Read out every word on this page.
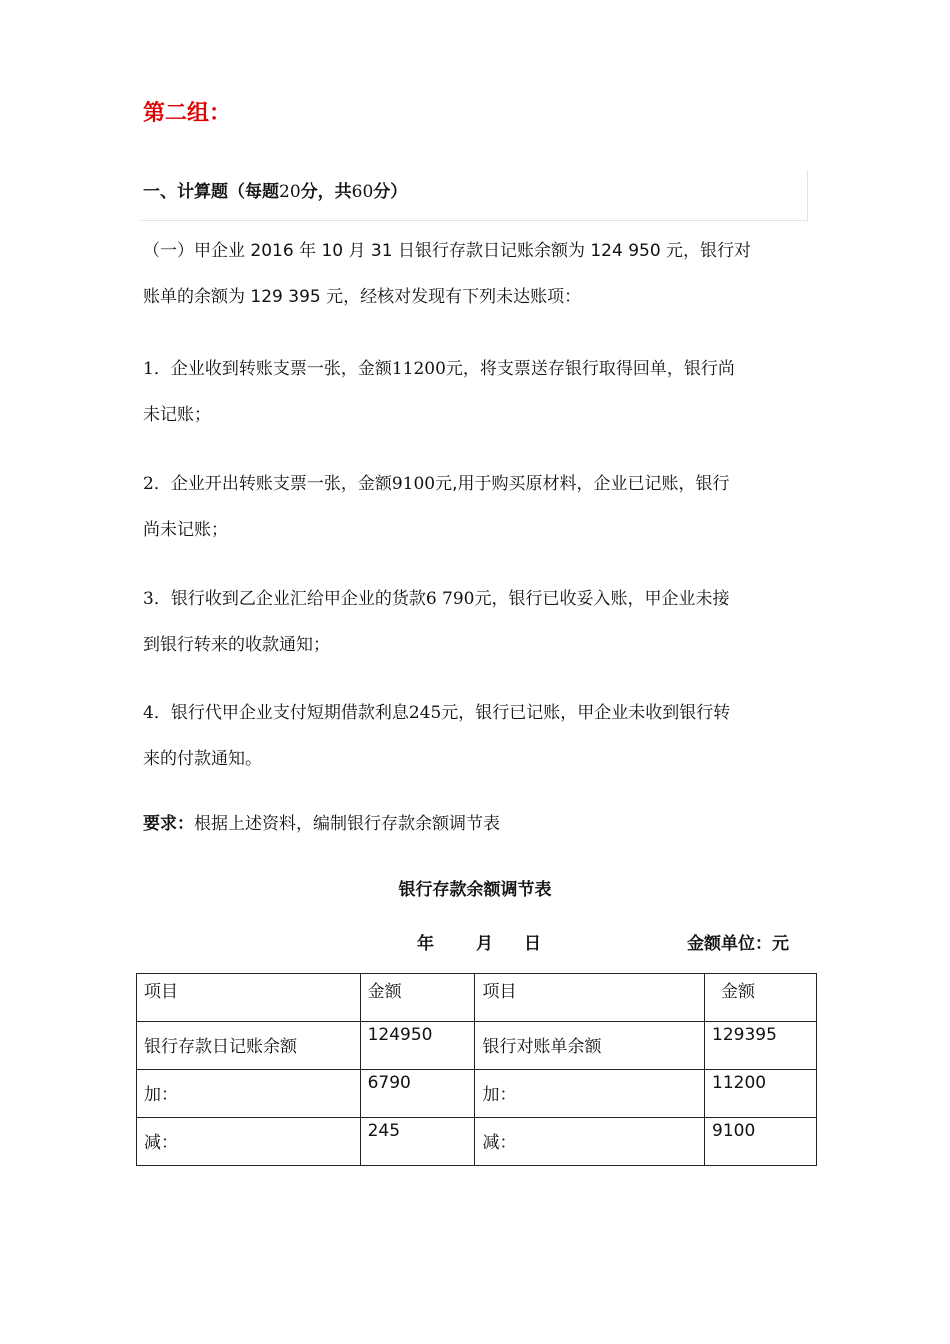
第二组：
一、计算题（每题20分，共60分）
（一）甲企业 2016 年 10 月 31 日银行存款日记账余额为 124 950 元，银行对
账单的余额为 129 395 元，经核对发现有下列未达账项：
1．企业收到转账支票一张，金额11200元，将支票送存银行取得回单，银行尚
未记账；
2．企业开出转账支票一张，金额9100元,用于购买原材料，企业已记账，银行
尚未记账；
3．银行收到乙企业汇给甲企业的货款6 790元，银行已收妥入账，甲企业未接
到银行转来的收款通知；
4．银行代甲企业支付短期借款利息245元，银行已记账，甲企业未收到银行转
来的付款通知。
要求：根据上述资料，编制银行存款余额调节表
银行存款余额调节表
年 月 日	金额单位：元
项目	金额	项目	金额
银行存款日记账余额	124950	银行对账单余额	129395
加：	6790	加：	11200
减：	245	减：	9100
